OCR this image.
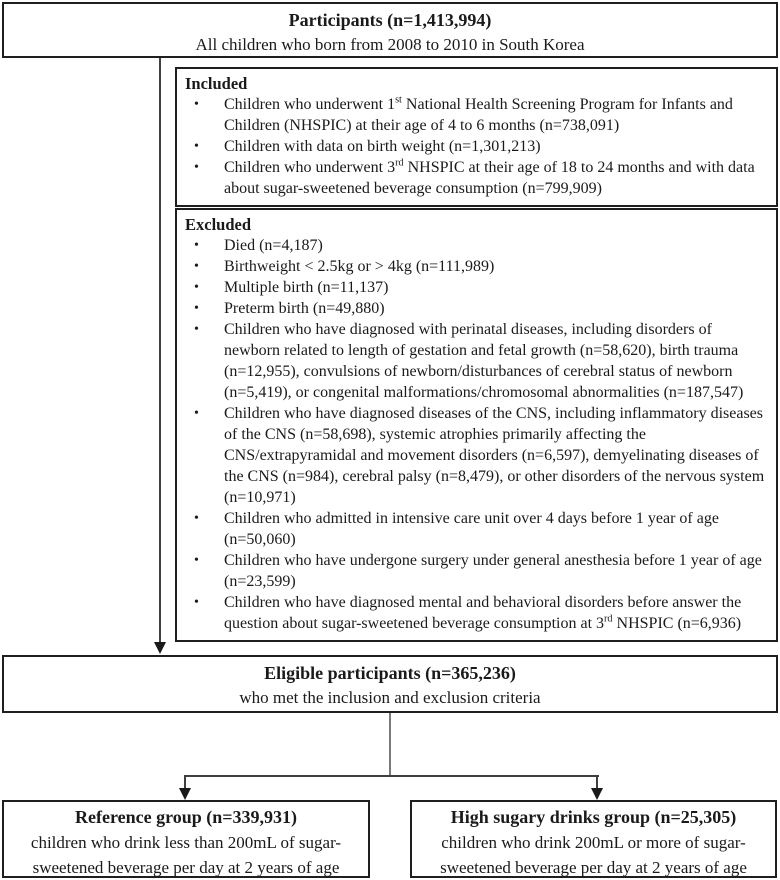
Participants (n=1,413,994)
All children who born from 2008 to 2010 in South Korea
Included
•	Children who underwent 1st National Health Screening Program for Infants and Children (NHSPIC) at their age of 4 to 6 months (n=738,091)
•	Children with data on birth weight (n=1,301,213)
•	Children who underwent 3rd NHSPIC at their age of 18 to 24 months and with data about sugar-sweetened beverage consumption (n=799,909)
Excluded
•	Died (n=4,187)
•	Birthweight < 2.5kg or > 4kg (n=111,989)
•	Multiple birth (n=11,137)
•	Preterm birth (n=49,880)
•	Children who have diagnosed with perinatal diseases, including disorders of newborn related to length of gestation and fetal growth (n=58,620), birth trauma (n=12,955), convulsions of newborn/disturbances of cerebral status of newborn (n=5,419), or congenital malformations/chromosomal abnormalities (n=187,547)
•	Children who have diagnosed diseases of the CNS, including inflammatory diseases of the CNS (n=58,698), systemic atrophies primarily affecting the CNS/extrapyramidal and movement disorders (n=6,597), demyelinating diseases of the CNS (n=984), cerebral palsy (n=8,479), or other disorders of the nervous system (n=10,971)
•	Children who admitted in intensive care unit over 4 days before 1 year of age (n=50,060)
•	Children who have undergone surgery under general anesthesia before 1 year of age (n=23,599)
•	Children who have diagnosed mental and behavioral disorders before answer the question about sugar-sweetened beverage consumption at 3rd NHSPIC (n=6,936)
Eligible participants (n=365,236)
who met the inclusion and exclusion criteria
Reference group (n=339,931)
children who drink less than 200mL of sugar-sweetened beverage per day at 2 years of age
High sugary drinks group (n=25,305)
children who drink 200mL or more of sugar-sweetened beverage per day at 2 years of age
